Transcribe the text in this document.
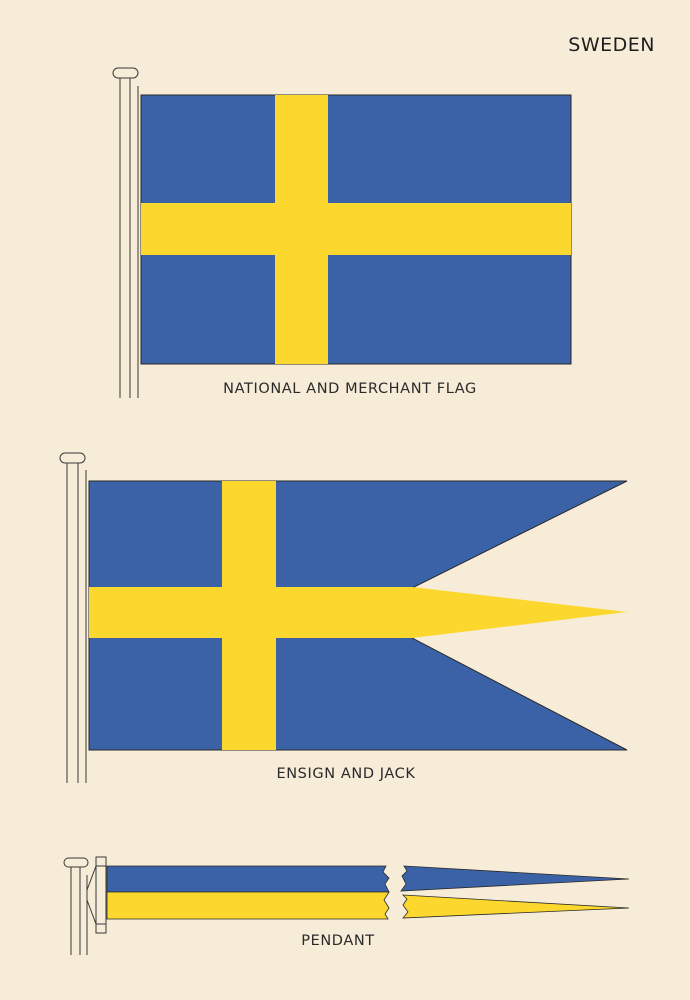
SWEDEN
NATIONAL AND MERCHANT FLAG
ENSIGN AND JACK
PENDANT
